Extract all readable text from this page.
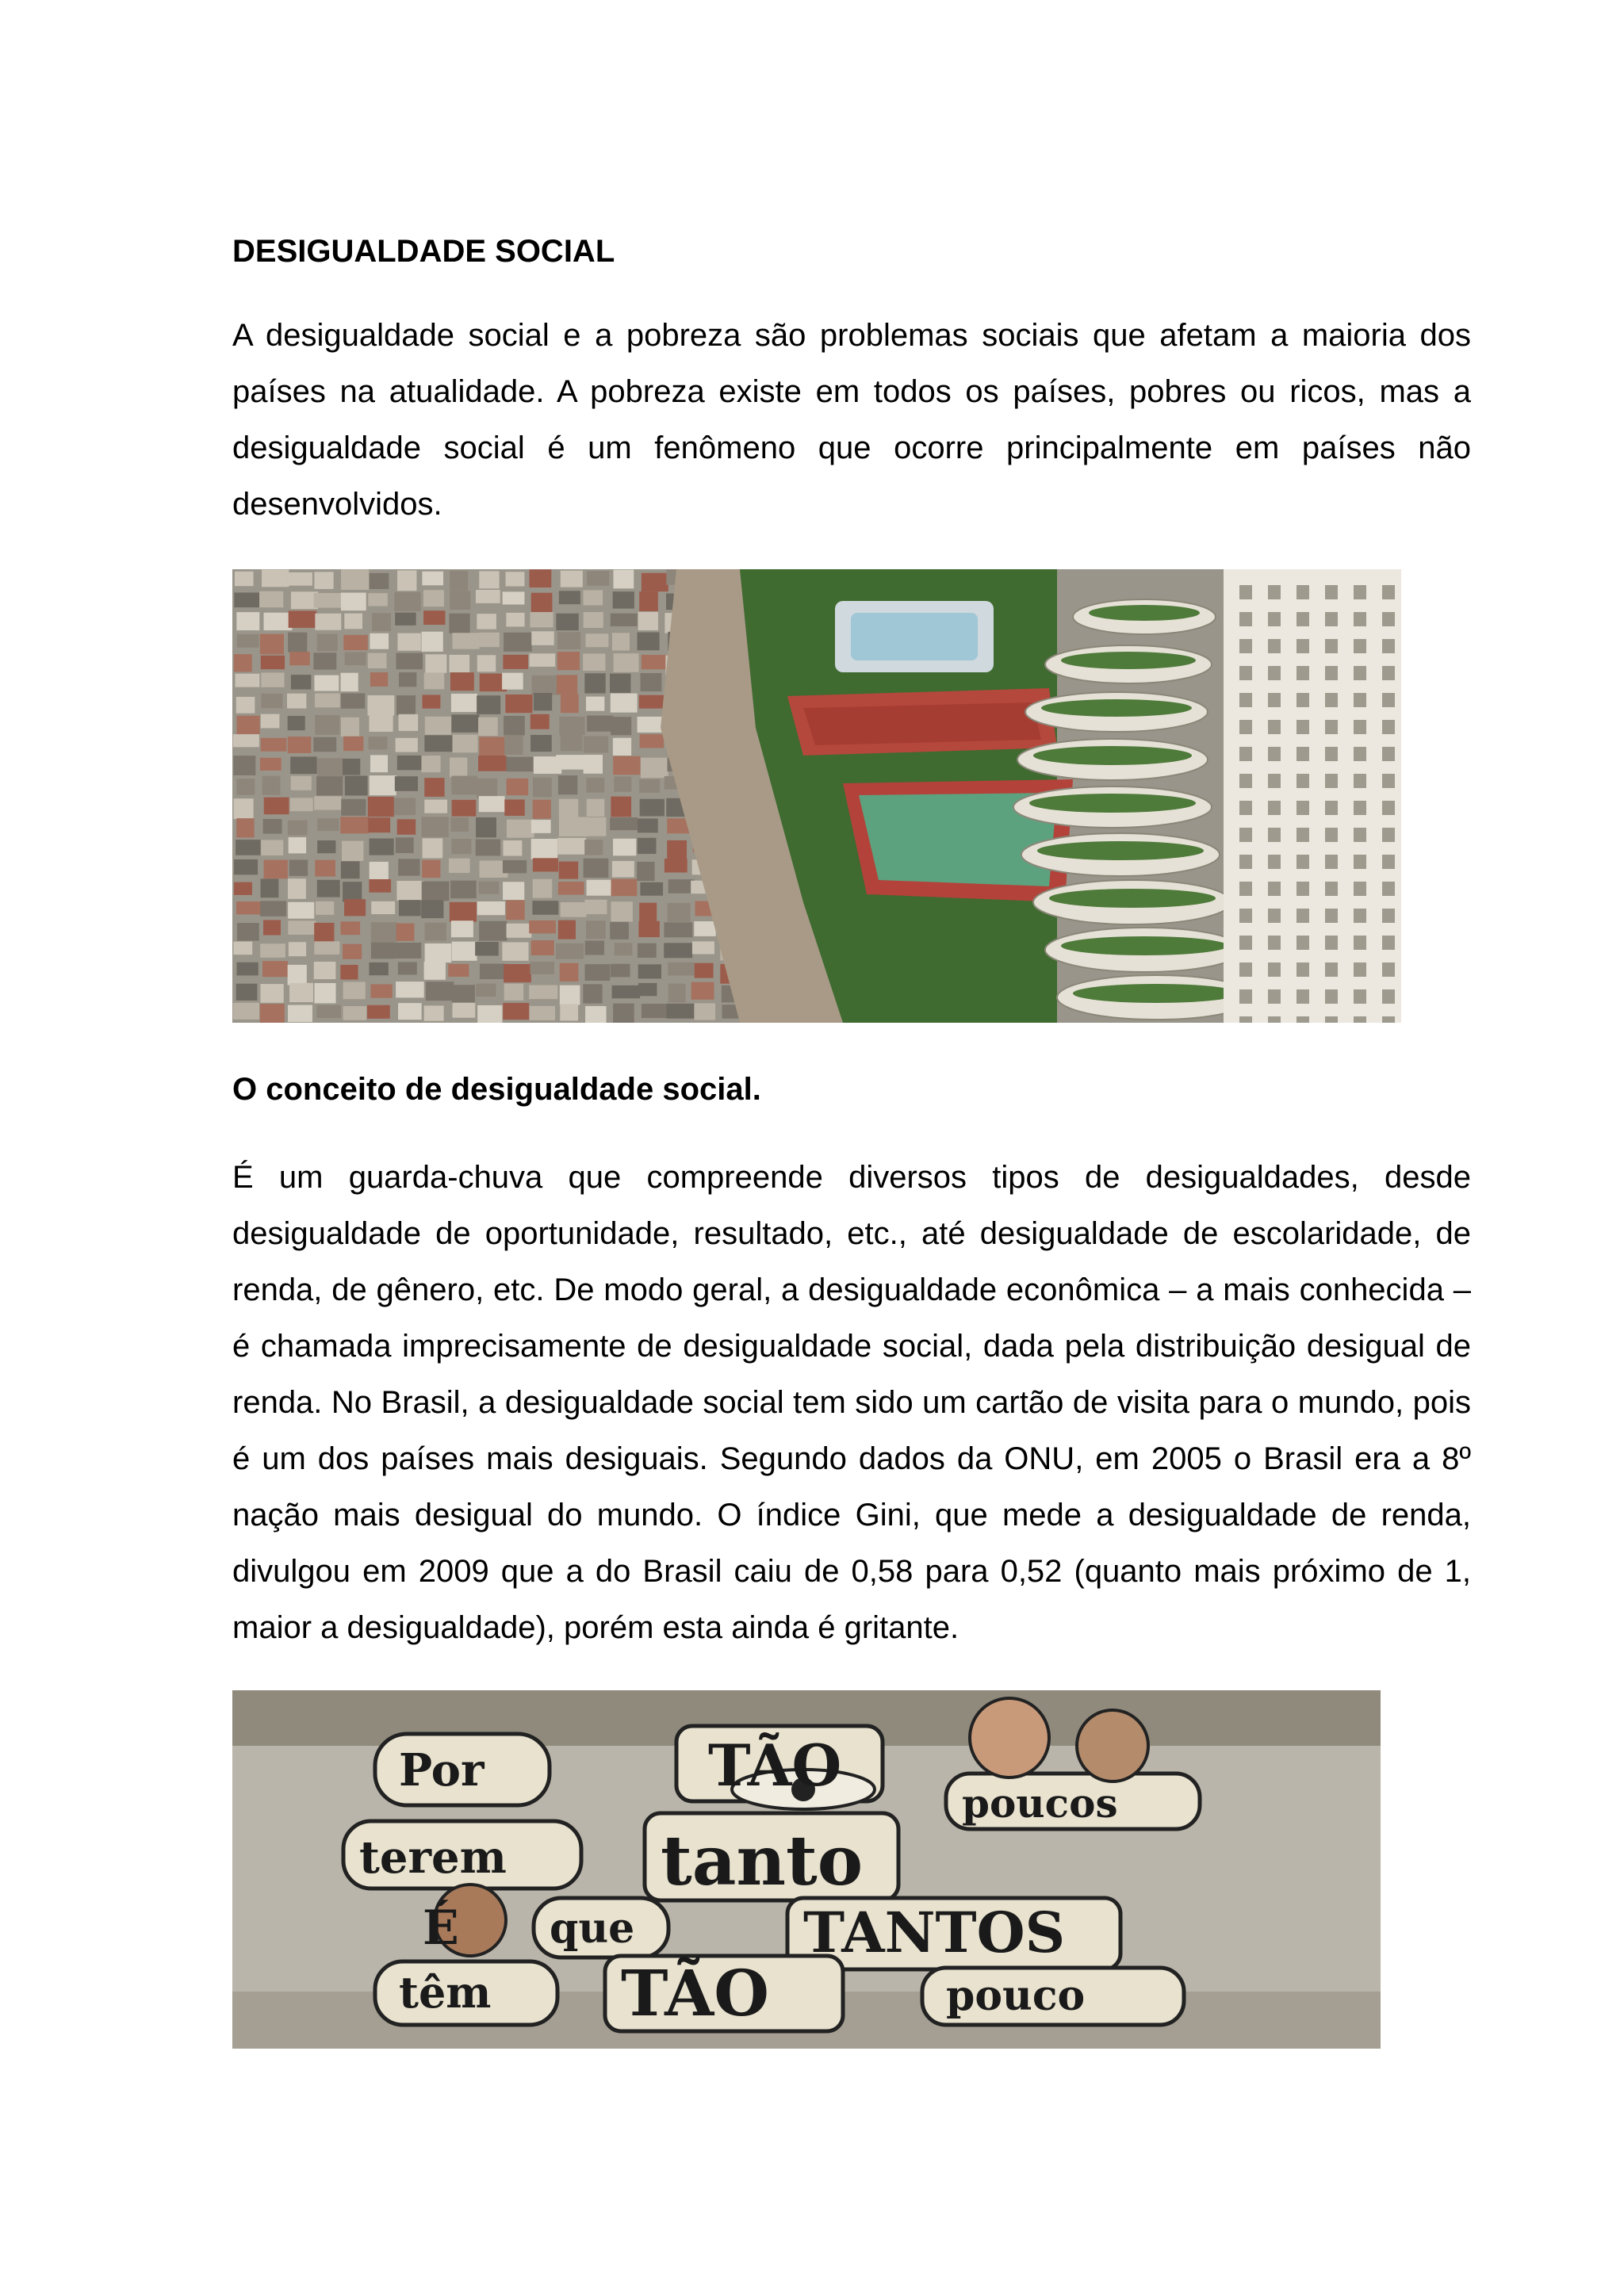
DESIGUALDADE SOCIAL

A desigualdade social e a pobreza são problemas sociais que afetam a maioria dos países na atualidade. A pobreza existe em todos os países, pobres ou ricos, mas a desigualdade social é um fenômeno que ocorre principalmente em países não desenvolvidos.

O conceito de desigualdade social.

É um guarda-chuva que compreende diversos tipos de desigualdades, desde desigualdade de oportunidade, resultado, etc., até desigualdade de escolaridade, de renda, de gênero, etc. De modo geral, a desigualdade econômica – a mais conhecida – é chamada imprecisamente de desigualdade social, dada pela distribuição desigual de renda. No Brasil, a desigualdade social tem sido um cartão de visita para o mundo, pois é um dos países mais desiguais. Segundo dados da ONU, em 2005 o Brasil era a 8º nação mais desigual do mundo. O índice Gini, que mede a desigualdade de renda, divulgou em 2009 que a do Brasil caiu de 0,58 para 0,52 (quanto mais próximo de 1, maior a desigualdade), porém esta ainda é gritante.

Por	TÃO
poucos
terem tanto
É que	TANTOS
têm TÃO	pouco
